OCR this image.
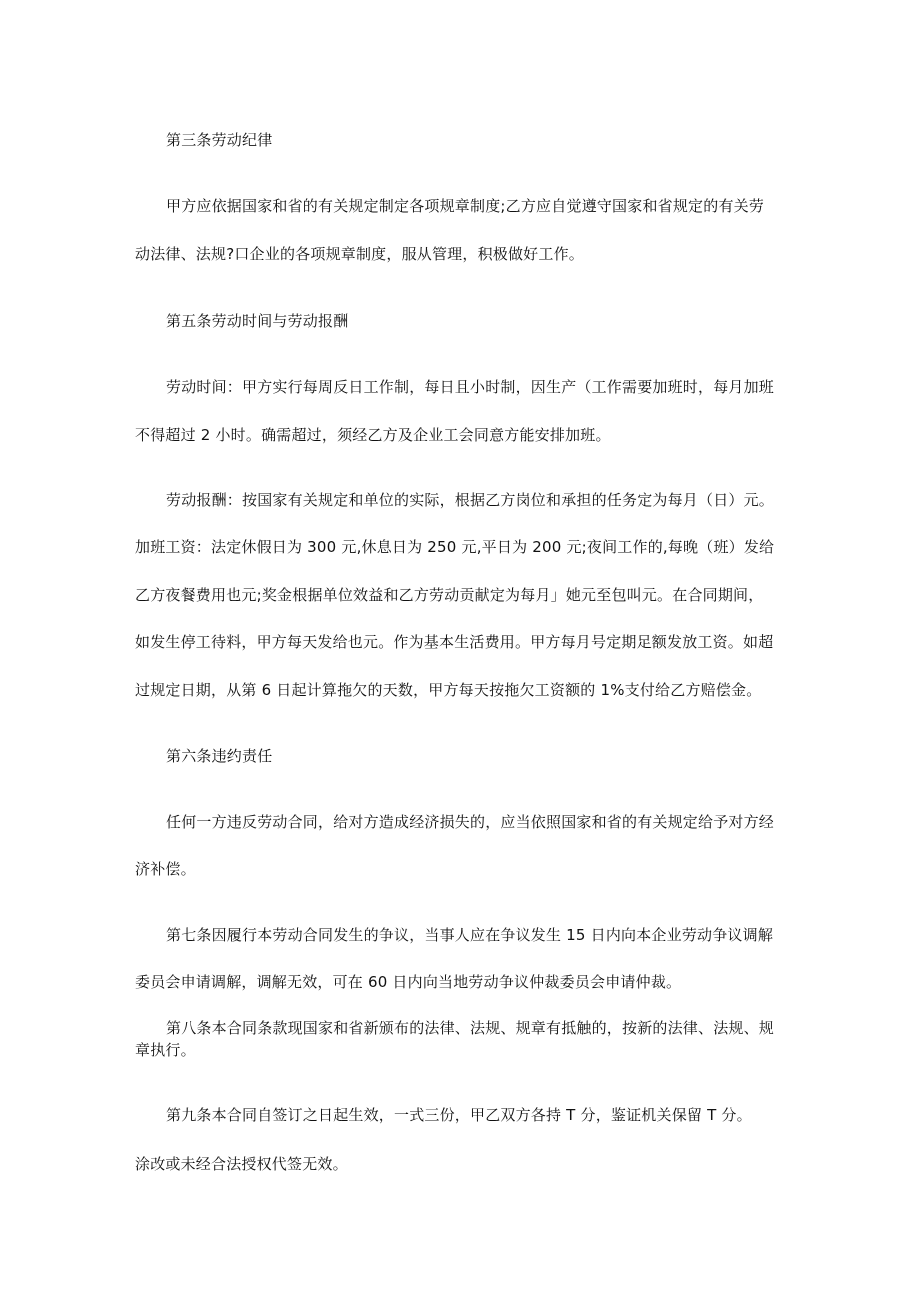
第三条劳动纪律
甲方应依据国家和省的有关规定制定各项规章制度;乙方应自觉遵守国家和省规定的有关劳
动法律、法规?口企业的各项规章制度，服从管理，积极做好工作。
第五条劳动时间与劳动报酬
劳动时间：甲方实行每周反日工作制，每日且小时制，因生产（工作需要加班时，每月加班
不得超过 2 小时。确需超过，须经乙方及企业工会同意方能安排加班。
劳动报酬：按国家有关规定和单位的实际，根据乙方岗位和承担的任务定为每月（日）元。
加班工资：法定休假日为 300 元,休息日为 250 元,平日为 200 元;夜间工作的,每晚（班）发给
乙方夜餐费用也元;奖金根据单位效益和乙方劳动贡献定为每月」她元至包叫元。在合同期间，
如发生停工待料，甲方每天发给也元。作为基本生活费用。甲方每月号定期足额发放工资。如超
过规定日期，从第 6 日起计算拖欠的天数，甲方每天按拖欠工资额的 1%支付给乙方赔偿金。
第六条违约责任
任何一方违反劳动合同，给对方造成经济损失的，应当依照国家和省的有关规定给予对方经
济补偿。
第七条因履行本劳动合同发生的争议，当事人应在争议发生 15 日内向本企业劳动争议调解
委员会申请调解，调解无效，可在 60 日内向当地劳动争议仲裁委员会申请仲裁。
第八条本合同条款现国家和省新颁布的法律、法规、规章有抵触的，按新的法律、法规、规
章执行。
第九条本合同自签订之日起生效，一式三份，甲乙双方各持 T 分，鉴证机关保留 T 分。
涂改或未经合法授权代签无效。
